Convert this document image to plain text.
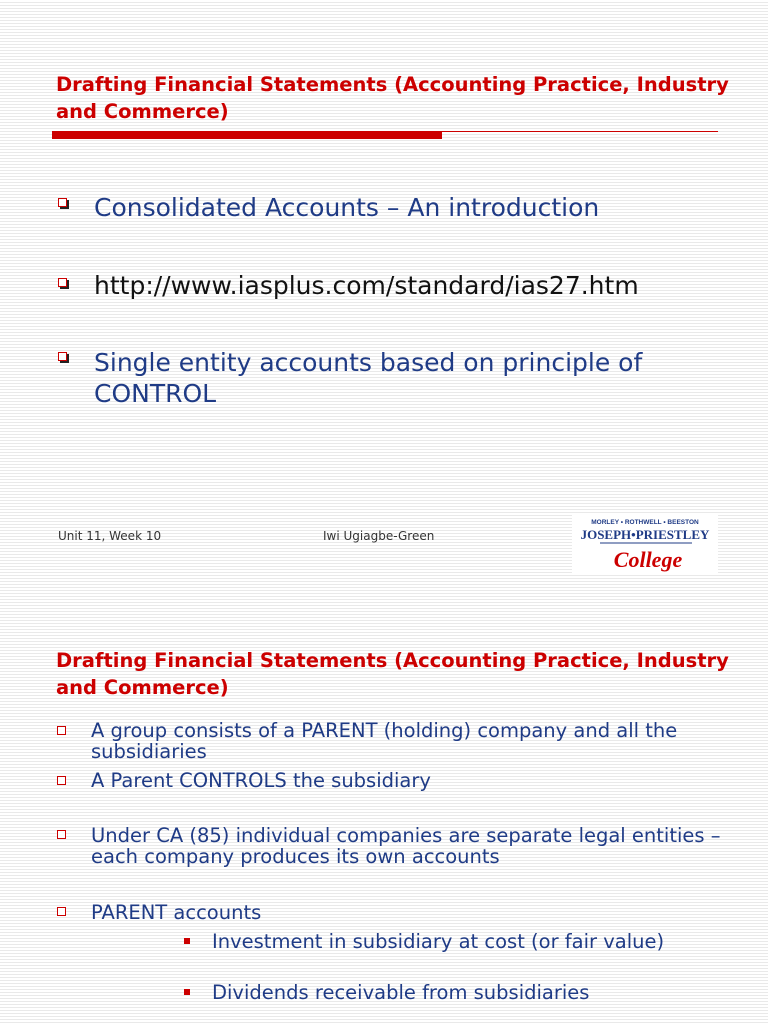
Drafting Financial Statements (Accounting Practice, Industry and Commerce)
Consolidated Accounts – An introduction
http://www.iasplus.com/standard/ias27.htm
Single entity accounts based on principle of CONTROL
Unit 11, Week 10	Iwi Ugiagbe-Green
MORLEY • ROTHWELL • BEESTON
JOSEPH•PRIESTLEY
College
Drafting Financial Statements (Accounting Practice, Industry and Commerce)
A group consists of a PARENT (holding) company and all the subsidiaries
A Parent CONTROLS the subsidiary
Under CA (85) individual companies are separate legal entities – each company produces its own accounts
PARENT accounts
Investment in subsidiary at cost (or fair value)
Dividends receivable from subsidiaries
